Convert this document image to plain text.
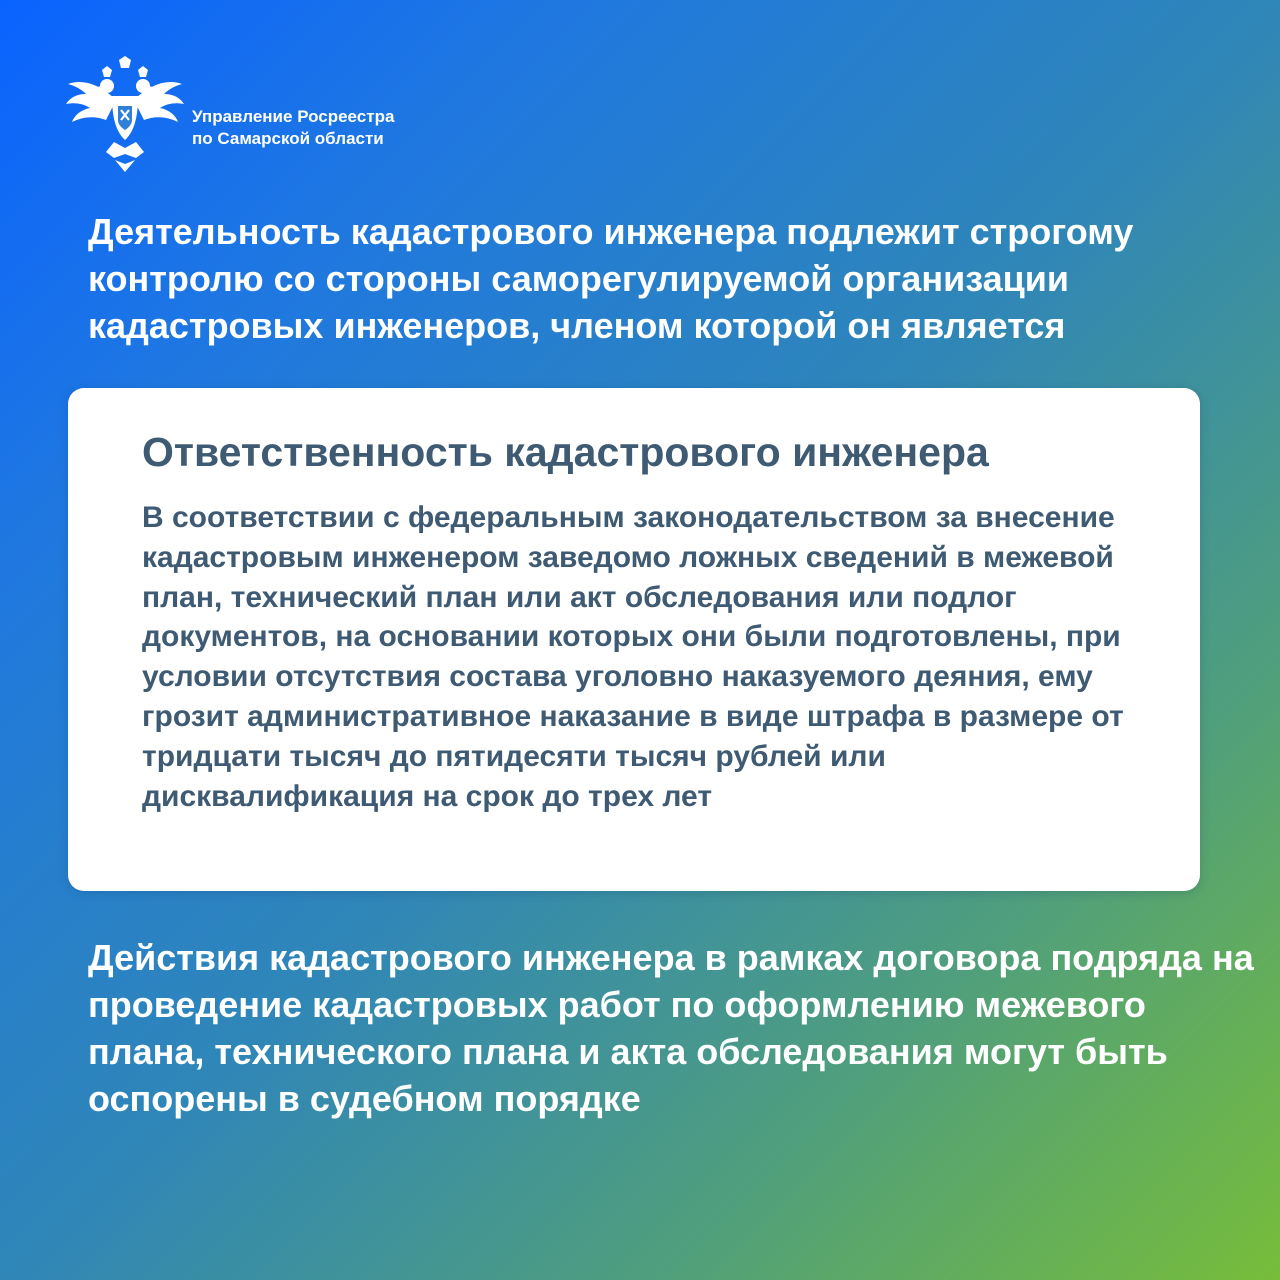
Управление Росреестра
по Самарской области

Деятельность кадастрового инженера подлежит строгому контролю со стороны саморегулируемой организации кадастровых инженеров, членом которой он является

Ответственность кадастрового инженера

В соответствии с федеральным законодательством за внесение кадастровым инженером заведомо ложных сведений в межевой план, технический план или акт обследования или подлог документов, на основании которых они были подготовлены, при условии отсутствия состава уголовно наказуемого деяния, ему грозит административное наказание в виде штрафа в размере от тридцати тысяч до пятидесяти тысяч рублей или дисквалификация на срок до трех лет

Действия кадастрового инженера в рамках договора подряда на проведение кадастровых работ по оформлению межевого плана, технического плана и акта обследования могут быть оспорены в судебном порядке
